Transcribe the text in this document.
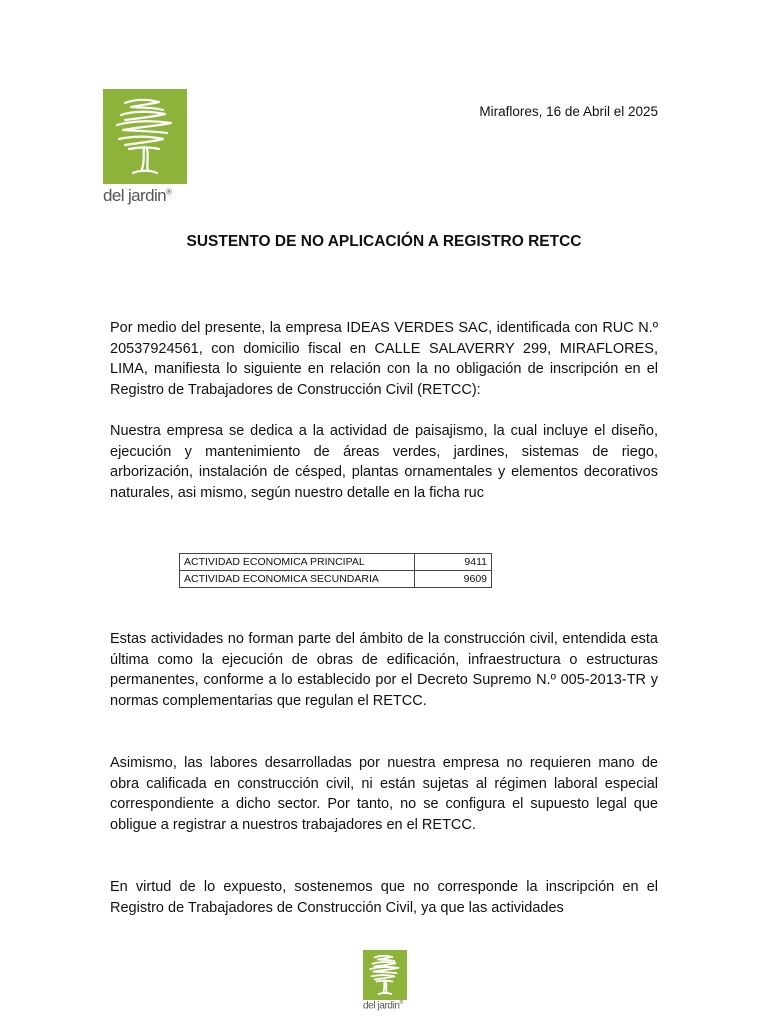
del jardin®
Miraflores, 16 de Abril el 2025
SUSTENTO DE NO APLICACIÓN A REGISTRO RETCC

Por medio del presente, la empresa IDEAS VERDES SAC, identificada con RUC N.º 20537924561, con domicilio fiscal en CALLE SALAVERRY 299, MIRAFLORES, LIMA, manifiesta lo siguiente en relación con la no obligación de inscripción en el Registro de Trabajadores de Construcción Civil (RETCC):

Nuestra empresa se dedica a la actividad de paisajismo, la cual incluye el diseño, ejecución y mantenimiento de áreas verdes, jardines, sistemas de riego, arborización, instalación de césped, plantas ornamentales y elementos decorativos naturales, asi mismo, según nuestro detalle en la ficha ruc

ACTIVIDAD ECONOMICA PRINCIPAL	9411
ACTIVIDAD ECONOMICA SECUNDARIA	9609

Estas actividades no forman parte del ámbito de la construcción civil, entendida esta última como la ejecución de obras de edificación, infraestructura o estructuras permanentes, conforme a lo establecido por el Decreto Supremo N.º 005-2013-TR y normas complementarias que regulan el RETCC.

Asimismo, las labores desarrolladas por nuestra empresa no requieren mano de obra calificada en construcción civil, ni están sujetas al régimen laboral especial correspondiente a dicho sector. Por tanto, no se configura el supuesto legal que obligue a registrar a nuestros trabajadores en el RETCC.

En virtud de lo expuesto, sostenemos que no corresponde la inscripción en el Registro de Trabajadores de Construcción Civil, ya que las actividades

del jardin®
